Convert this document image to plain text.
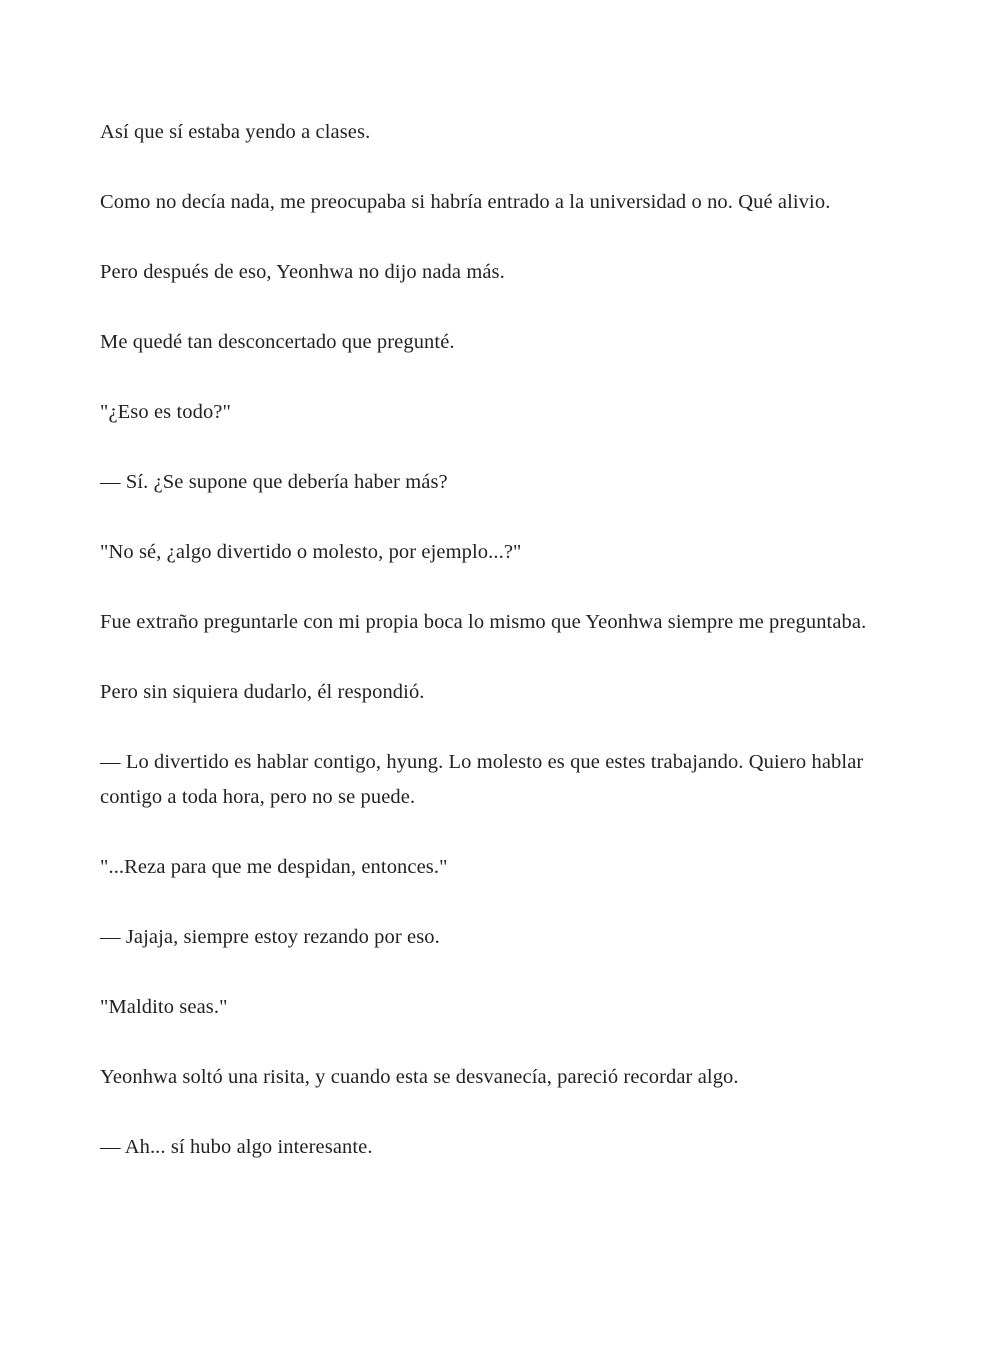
Así que sí estaba yendo a clases.

Como no decía nada, me preocupaba si habría entrado a la universidad o no. Qué alivio.

Pero después de eso, Yeonhwa no dijo nada más.

Me quedé tan desconcertado que pregunté.

"¿Eso es todo?"

— Sí. ¿Se supone que debería haber más?

"No sé, ¿algo divertido o molesto, por ejemplo...?"

Fue extraño preguntarle con mi propia boca lo mismo que Yeonhwa siempre me preguntaba.

Pero sin siquiera dudarlo, él respondió.

— Lo divertido es hablar contigo, hyung. Lo molesto es que estes trabajando. Quiero hablar contigo a toda hora, pero no se puede.

"...Reza para que me despidan, entonces."

— Jajaja, siempre estoy rezando por eso.

"Maldito seas."

Yeonhwa soltó una risita, y cuando esta se desvanecía, pareció recordar algo.

— Ah... sí hubo algo interesante.
